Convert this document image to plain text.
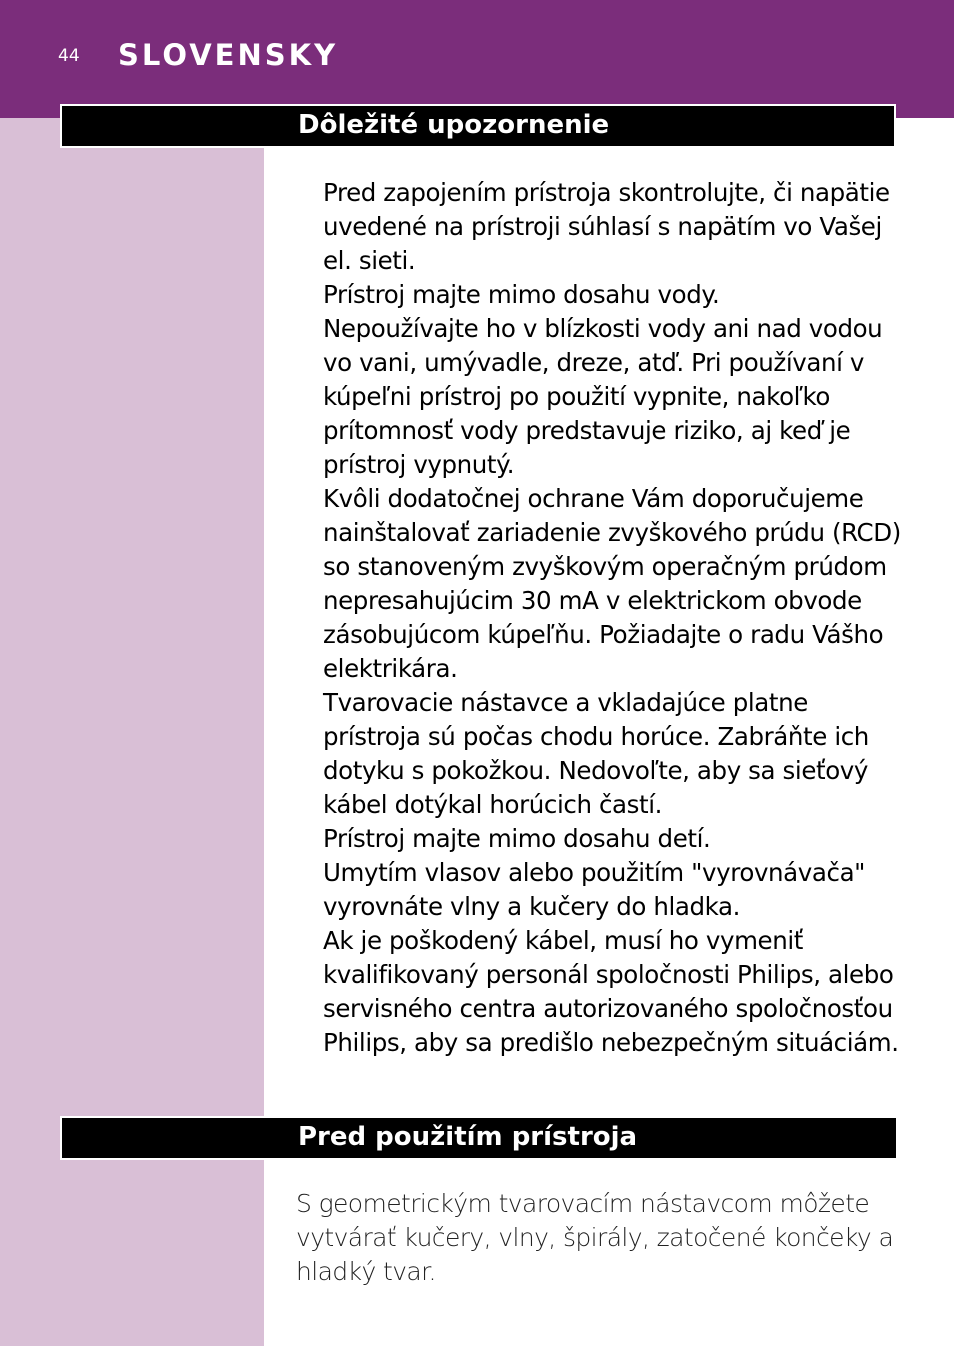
44 SLOVENSKY
Dôležité upozornenie

Pred zapojením prístroja skontrolujte, či napätie uvedené na prístroji súhlasí s napätím vo Vašej el. sieti.

Prístroj majte mimo dosahu vody.

Nepoužívajte ho v blízkosti vody ani nad vodou vo vani, umývadle, dreze, atď. Pri používaní v kúpeľni prístroj po použití vypnite, nakoľko prítomnosť vody predstavuje riziko, aj keď je prístroj vypnutý.

Kvôli dodatočnej ochrane Vám doporučujeme nainštalovať zariadenie zvyškového prúdu (RCD) so stanoveným zvyškovým operačným prúdom nepresahujúcim 30 mA v elektrickom obvode zásobujúcom kúpeľňu. Požiadajte o radu Vášho elektrikára.

Tvarovacie nástavce a vkladajúce platne prístroja sú počas chodu horúce. Zabráňte ich dotyku s pokožkou. Nedovoľte, aby sa sieťový kábel dotýkal horúcich častí.

Prístroj majte mimo dosahu detí.

Umytím vlasov alebo použitím "vyrovnávača" vyrovnáte vlny a kučery do hladka.

Ak je poškodený kábel, musí ho vymeniť kvalifikovaný personál spoločnosti Philips, alebo servisného centra autorizovaného spoločnosťou Philips, aby sa predišlo nebezpečným situáciám.

Pred použitím prístroja
S geometrickým tvarovacím nástavcom môžete vytvárať kučery, vlny, špirály, zatočené končeky a hladký tvar.
